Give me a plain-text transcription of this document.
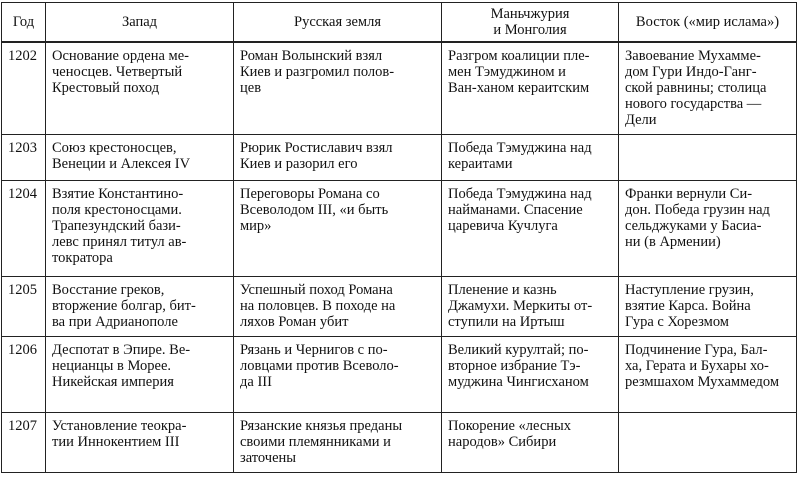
Год	Запад	Русская земля	Маньчжурия
и Монголия	Восток («мир ислама»)

1202	Основание ордена ме-
ченосцев. Четвертый
Крестовый поход	Роман Волынский взял
Киев и разгромил полов-
цев	Разгром коалиции пле-
мен Тэмуджином и
Ван-ханом кераитским	Завоевание Мухамме-
дом Гури Индо-Ганг-
ской равнины; столица
нового государства —
Дели

1203	Союз крестоносцев,
Венеции и Алексея IV	Рюрик Ростиславич взял
Киев и разорил его	Победа Тэмуджина над
кераитами	

1204	Взятие Константино-
поля крестоносцами.
Трапезундский бази-
левс принял титул ав-
тократора	Переговоры Романа со
Всеволодом III, «и быть
мир»	Победа Тэмуджина над
найманами. Спасение
царевича Кучлуга	Франки вернули Си-
дон. Победа грузин над
сельджуками у Басиа-
ни (в Армении)

1205	Восстание греков,
вторжение болгар, бит-
ва при Адрианополе	Успешный поход Романа
на половцев. В походе на
ляхов Роман убит	Пленение и казнь
Джамухи. Меркиты от-
ступили на Иртыш	Наступление грузин,
взятие Карса. Война
Гура с Хорезмом

1206	Деспотат в Эпире. Ве-
нецианцы в Морее.
Никейская империя	Рязань и Чернигов с по-
ловцами против Всеволо-
да III	Великий курултай; по-
вторное избрание Тэ-
муджина Чингисханом	Подчинение Гура, Бал-
ха, Герата и Бухары хо-
резмшахом Мухаммедом

1207	Установление теокра-
тии Иннокентием III	Рязанские князья преданы
своими племянниками и
заточены	Покорение «лесных
народов» Сибири	
